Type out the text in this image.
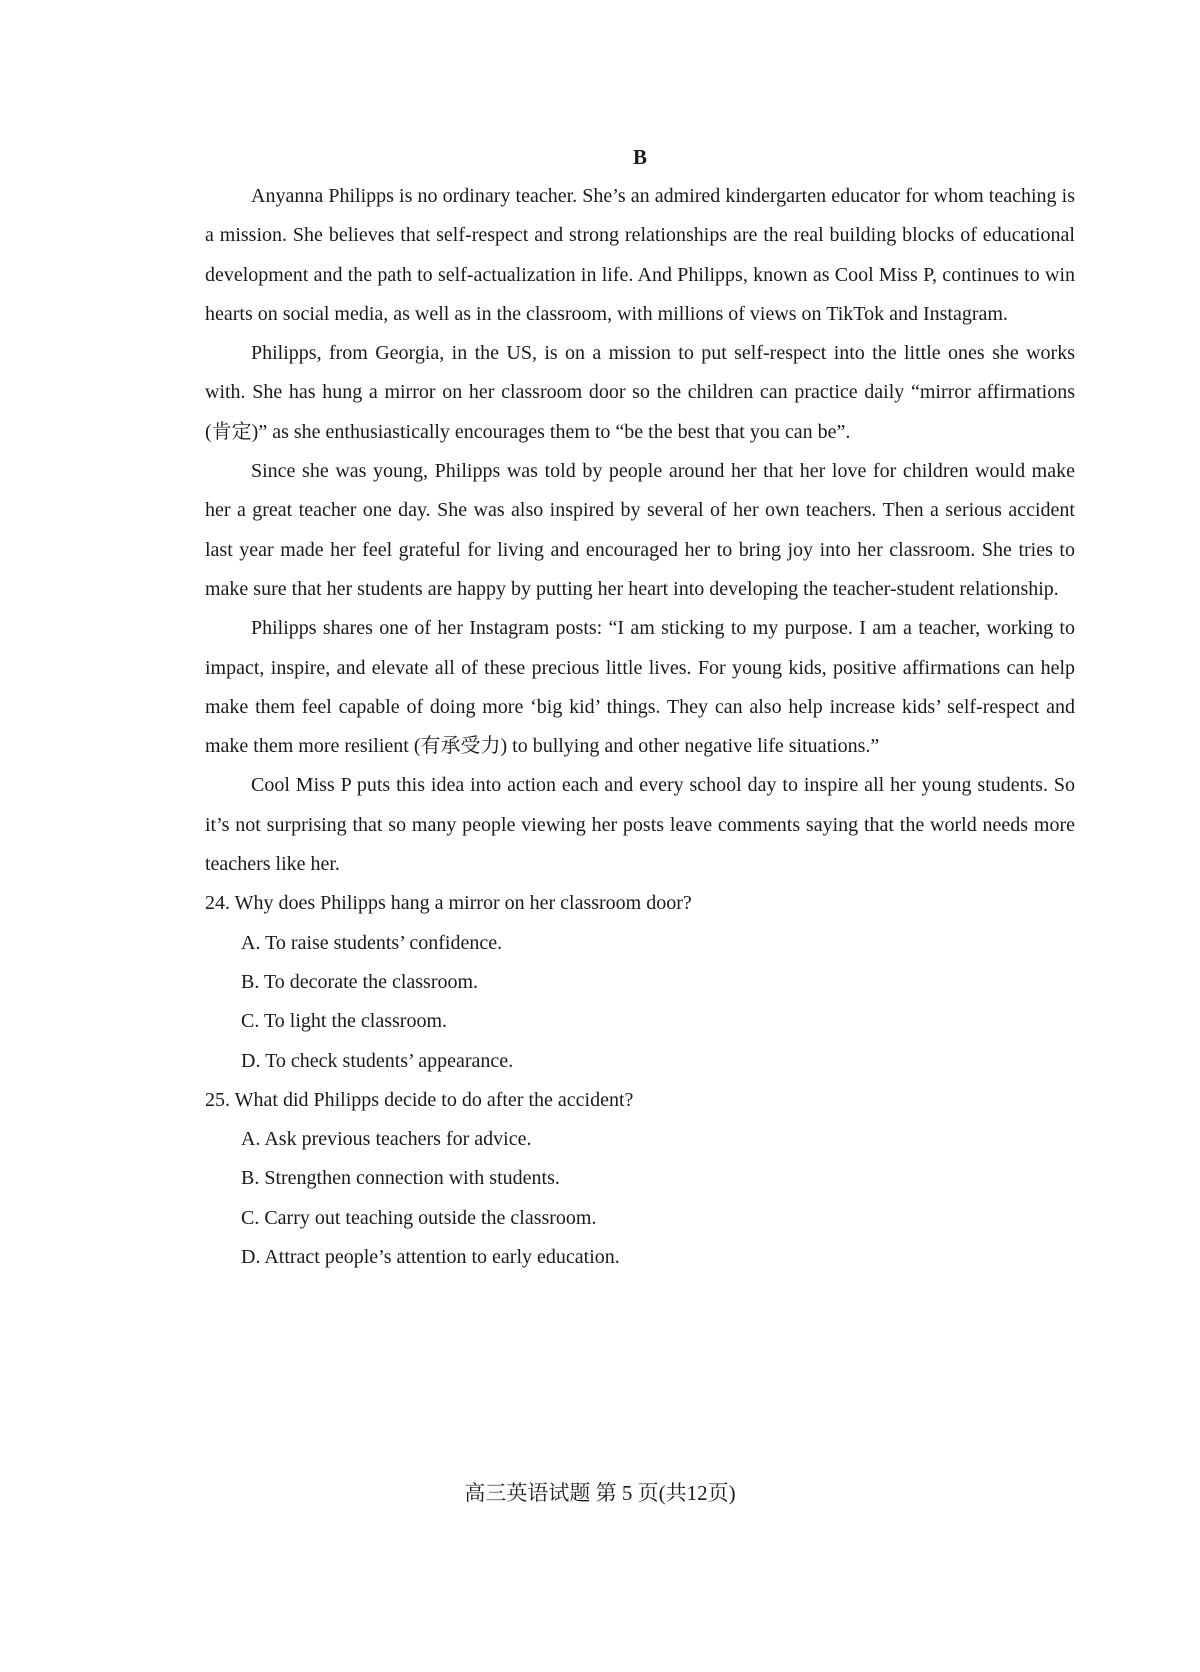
B

Anyanna Philipps is no ordinary teacher. She’s an admired kindergarten educator for whom teaching is a mission. She believes that self-respect and strong relationships are the real building blocks of educational development and the path to self-actualization in life. And Philipps, known as Cool Miss P, continues to win hearts on social media, as well as in the classroom, with millions of views on TikTok and Instagram.

Philipps, from Georgia, in the US, is on a mission to put self-respect into the little ones she works with. She has hung a mirror on her classroom door so the children can practice daily “mirror affirmations (肯定)” as she enthusiastically encourages them to “be the best that you can be”.

Since she was young, Philipps was told by people around her that her love for children would make her a great teacher one day. She was also inspired by several of her own teachers. Then a serious accident last year made her feel grateful for living and encouraged her to bring joy into her classroom. She tries to make sure that her students are happy by putting her heart into developing the teacher-student relationship.

Philipps shares one of her Instagram posts: “I am sticking to my purpose. I am a teacher, working to impact, inspire, and elevate all of these precious little lives. For young kids, positive affirmations can help make them feel capable of doing more ‘big kid’ things. They can also help increase kids’ self-respect and make them more resilient (有承受力) to bullying and other negative life situations.”

Cool Miss P puts this idea into action each and every school day to inspire all her young students. So it’s not surprising that so many people viewing her posts leave comments saying that the world needs more teachers like her.

24. Why does Philipps hang a mirror on her classroom door?

A. To raise students’ confidence.

B. To decorate the classroom.

C. To light the classroom.

D. To check students’ appearance.

25. What did Philipps decide to do after the accident?

A. Ask previous teachers for advice.

B. Strengthen connection with students.

C. Carry out teaching outside the classroom.

D. Attract people’s attention to early education.

高三英语试题 第 5 页(共12页)
